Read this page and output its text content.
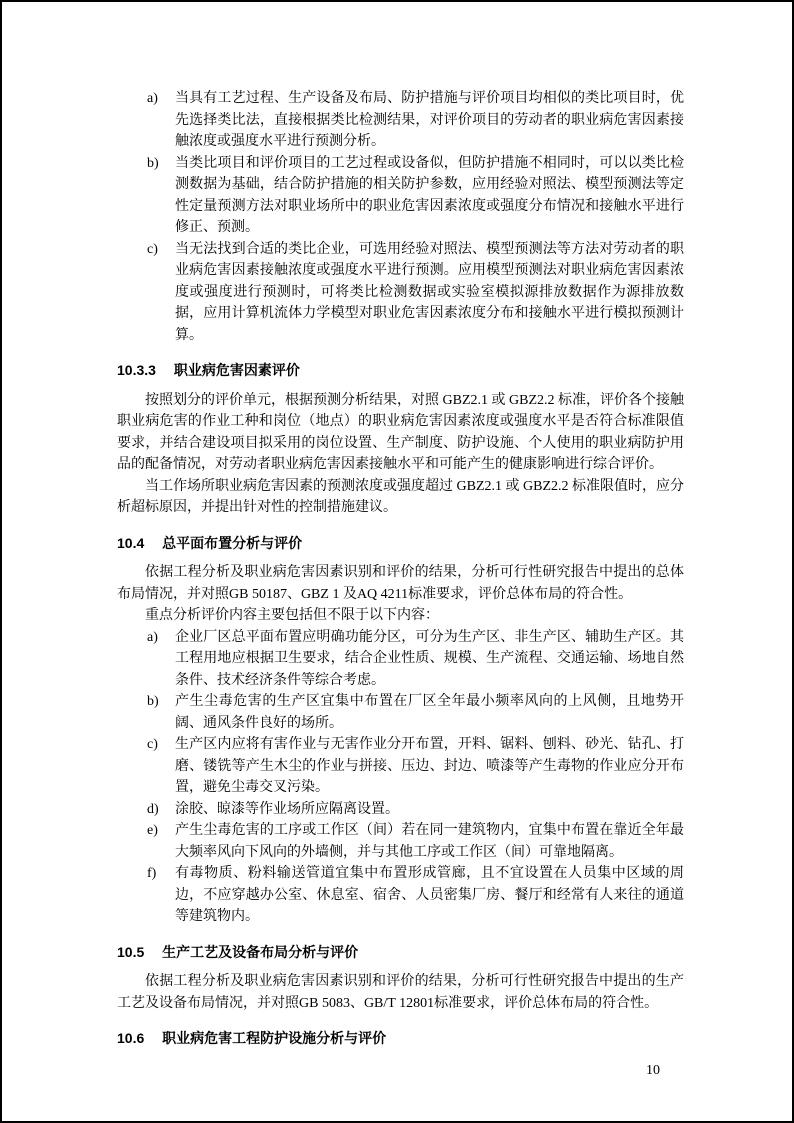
a)	当具有工艺过程、生产设备及布局、防护措施与评价项目均相似的类比项目时，优先选择类比法，直接根据类比检测结果，对评价项目的劳动者的职业病危害因素接触浓度或强度水平进行预测分析。
b)	当类比项目和评价项目的工艺过程或设备似，但防护措施不相同时，可以以类比检测数据为基础，结合防护措施的相关防护参数，应用经验对照法、模型预测法等定性定量预测方法对职业场所中的职业危害因素浓度或强度分布情况和接触水平进行修正、预测。
c)	当无法找到合适的类比企业，可选用经验对照法、模型预测法等方法对劳动者的职业病危害因素接触浓度或强度水平进行预测。应用模型预测法对职业病危害因素浓度或强度进行预测时，可将类比检测数据或实验室模拟源排放数据作为源排放数据，应用计算机流体力学模型对职业危害因素浓度分布和接触水平进行模拟预测计算。
10.3.3 职业病危害因素评价

按照划分的评价单元，根据预测分析结果，对照 GBZ2.1 或 GBZ2.2 标准，评价各个接触职业病危害的作业工种和岗位（地点）的职业病危害因素浓度或强度水平是否符合标准限值要求，并结合建设项目拟采用的岗位设置、生产制度、防护设施、个人使用的职业病防护用品的配备情况，对劳动者职业病危害因素接触水平和可能产生的健康影响进行综合评价。

当工作场所职业病危害因素的预测浓度或强度超过 GBZ2.1 或 GBZ2.2 标准限值时，应分析超标原因，并提出针对性的控制措施建议。

10.4 总平面布置分析与评价

依据工程分析及职业病危害因素识别和评价的结果，分析可行性研究报告中提出的总体布局情况，并对照GB 50187、GBZ 1 及AQ 4211标准要求，评价总体布局的符合性。

重点分析评价内容主要包括但不限于以下内容：

a)	企业厂区总平面布置应明确功能分区，可分为生产区、非生产区、辅助生产区。其工程用地应根据卫生要求，结合企业性质、规模、生产流程、交通运输、场地自然条件、技术经济条件等综合考虑。
b)	产生尘毒危害的生产区宜集中布置在厂区全年最小频率风向的上风侧，且地势开阔、通风条件良好的场所。
c)	生产区内应将有害作业与无害作业分开布置，开料、锯料、刨料、砂光、钻孔、打磨、镂铣等产生木尘的作业与拼接、压边、封边、喷漆等产生毒物的作业应分开布置，避免尘毒交叉污染。
d)	涂胶、晾漆等作业场所应隔离设置。
e)	产生尘毒危害的工序或工作区（间）若在同一建筑物内，宜集中布置在靠近全年最大频率风向下风向的外墙侧，并与其他工序或工作区（间）可靠地隔离。
f)	有毒物质、粉料输送管道宜集中布置形成管廊，且不宜设置在人员集中区域的周边，不应穿越办公室、休息室、宿舍、人员密集厂房、餐厅和经常有人来往的通道等建筑物内。
10.5 生产工艺及设备布局分析与评价

依据工程分析及职业病危害因素识别和评价的结果，分析可行性研究报告中提出的生产工艺及设备布局情况，并对照GB 5083、GB/T 12801标准要求，评价总体布局的符合性。

10.6 职业病危害工程防护设施分析与评价
10
